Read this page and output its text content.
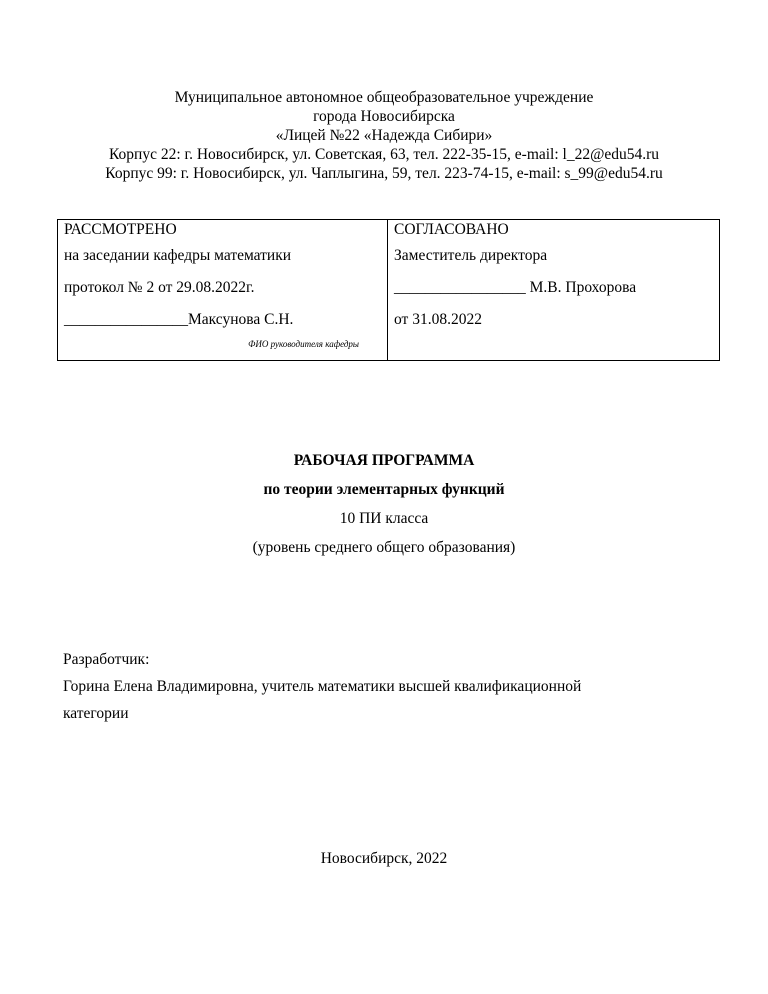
Муниципальное автономное общеобразовательное учреждение
города Новосибирска
«Лицей №22 «Надежда Сибири»
Корпус 22: г. Новосибирск, ул. Советская, 63, тел. 222-35-15, e-mail: l_22@edu54.ru
Корпус 99: г. Новосибирск, ул. Чаплыгина, 59, тел. 223-74-15, e-mail: s_99@edu54.ru
РАССМОТРЕНО
на заседании кафедры математики
протокол № 2 от 29.08.2022г.
________________Максунова С.Н.
ФИО руководителя кафедры

СОГЛАСОВАНО
Заместитель директора
_________________ М.В. Прохорова
от 31.08.2022
РАБОЧАЯ ПРОГРАММА
по теории элементарных функций
10 ПИ класса
(уровень среднего общего образования)
Разработчик:
Горина Елена Владимировна, учитель математики высшей квалификационной
категории
Новосибирск, 2022
